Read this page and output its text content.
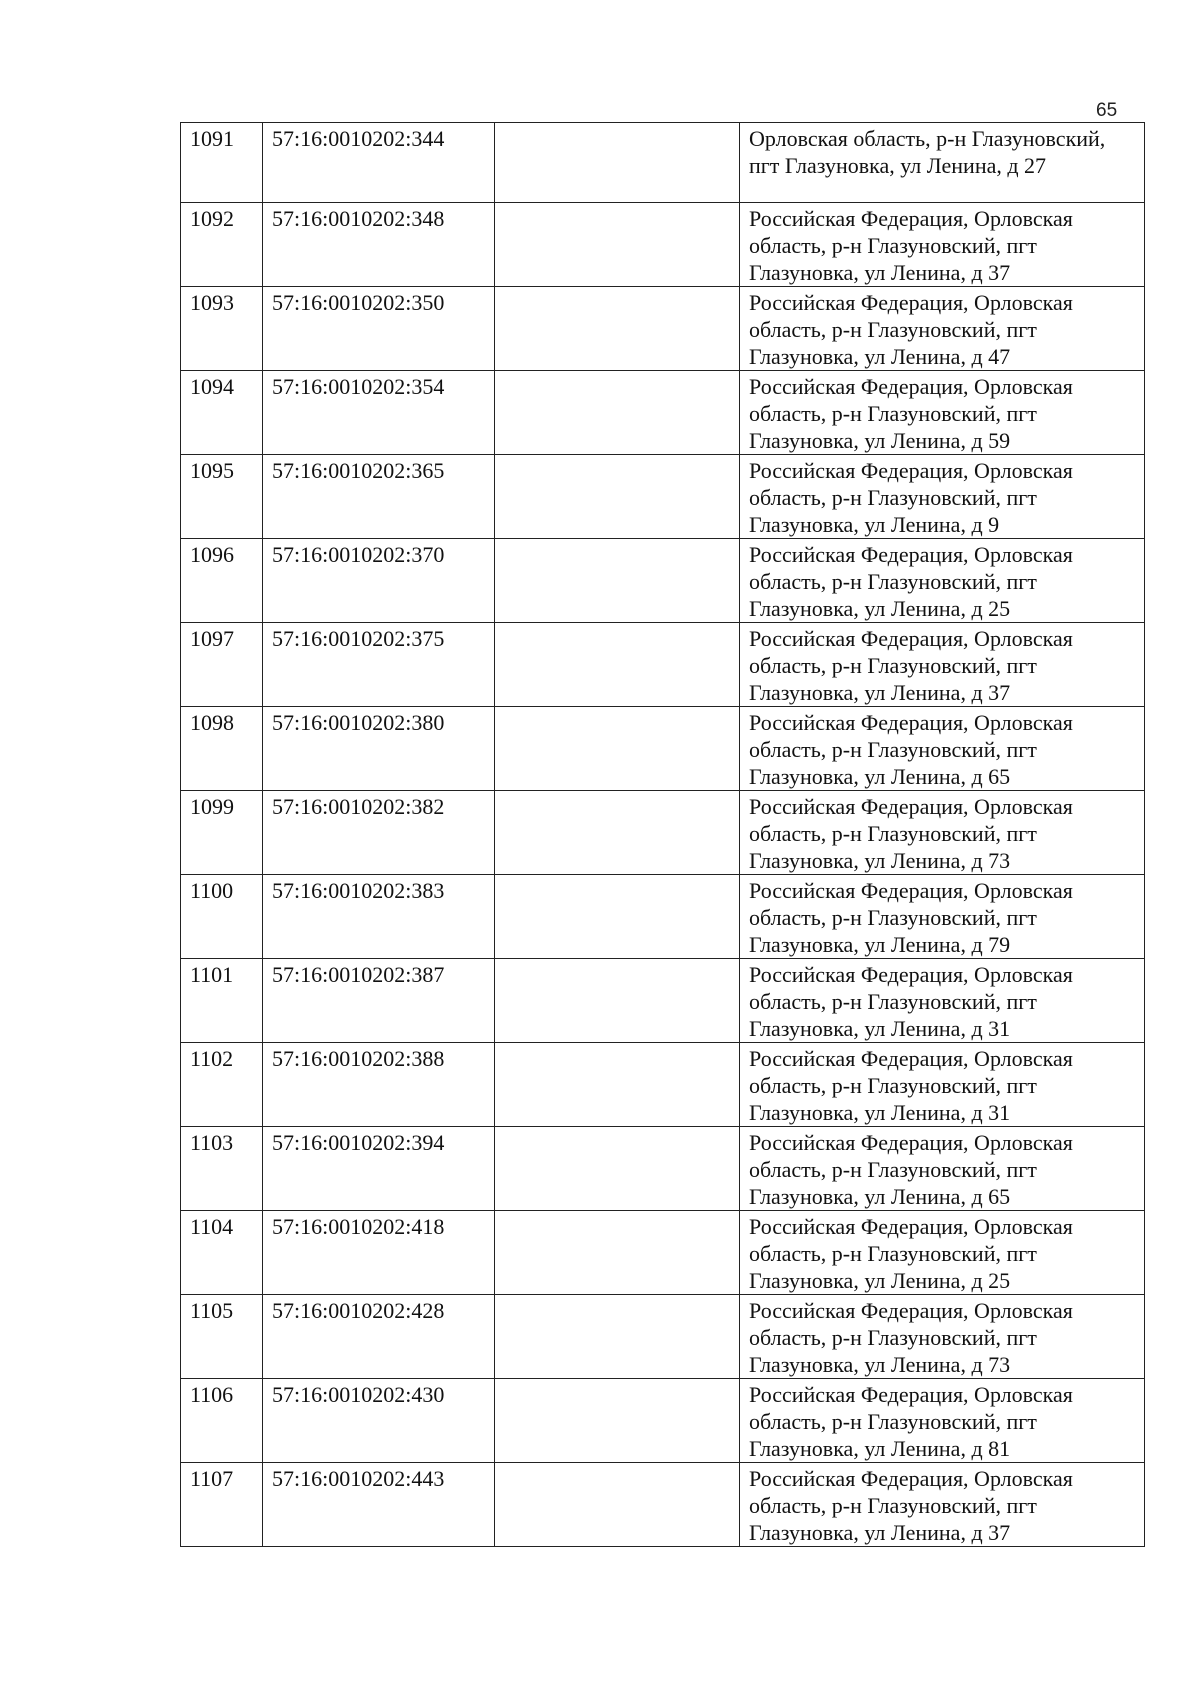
65
1091	57:16:0010202:344		Орловская область, р-н Глазуновский, пгт Глазуновка, ул Ленина, д 27
1092	57:16:0010202:348		Российская Федерация, Орловская область, р-н Глазуновский, пгт Глазуновка, ул Ленина, д 37
1093	57:16:0010202:350		Российская Федерация, Орловская область, р-н Глазуновский, пгт Глазуновка, ул Ленина, д 47
1094	57:16:0010202:354		Российская Федерация, Орловская область, р-н Глазуновский, пгт Глазуновка, ул Ленина, д 59
1095	57:16:0010202:365		Российская Федерация, Орловская область, р-н Глазуновский, пгт Глазуновка, ул Ленина, д 9
1096	57:16:0010202:370		Российская Федерация, Орловская область, р-н Глазуновский, пгт Глазуновка, ул Ленина, д 25
1097	57:16:0010202:375		Российская Федерация, Орловская область, р-н Глазуновский, пгт Глазуновка, ул Ленина, д 37
1098	57:16:0010202:380		Российская Федерация, Орловская область, р-н Глазуновский, пгт Глазуновка, ул Ленина, д 65
1099	57:16:0010202:382		Российская Федерация, Орловская область, р-н Глазуновский, пгт Глазуновка, ул Ленина, д 73
1100	57:16:0010202:383		Российская Федерация, Орловская область, р-н Глазуновский, пгт Глазуновка, ул Ленина, д 79
1101	57:16:0010202:387		Российская Федерация, Орловская область, р-н Глазуновский, пгт Глазуновка, ул Ленина, д 31
1102	57:16:0010202:388		Российская Федерация, Орловская область, р-н Глазуновский, пгт Глазуновка, ул Ленина, д 31
1103	57:16:0010202:394		Российская Федерация, Орловская область, р-н Глазуновский, пгт Глазуновка, ул Ленина, д 65
1104	57:16:0010202:418		Российская Федерация, Орловская область, р-н Глазуновский, пгт Глазуновка, ул Ленина, д 25
1105	57:16:0010202:428		Российская Федерация, Орловская область, р-н Глазуновский, пгт Глазуновка, ул Ленина, д 73
1106	57:16:0010202:430		Российская Федерация, Орловская область, р-н Глазуновский, пгт Глазуновка, ул Ленина, д 81
1107	57:16:0010202:443		Российская Федерация, Орловская область, р-н Глазуновский, пгт Глазуновка, ул Ленина, д 37
